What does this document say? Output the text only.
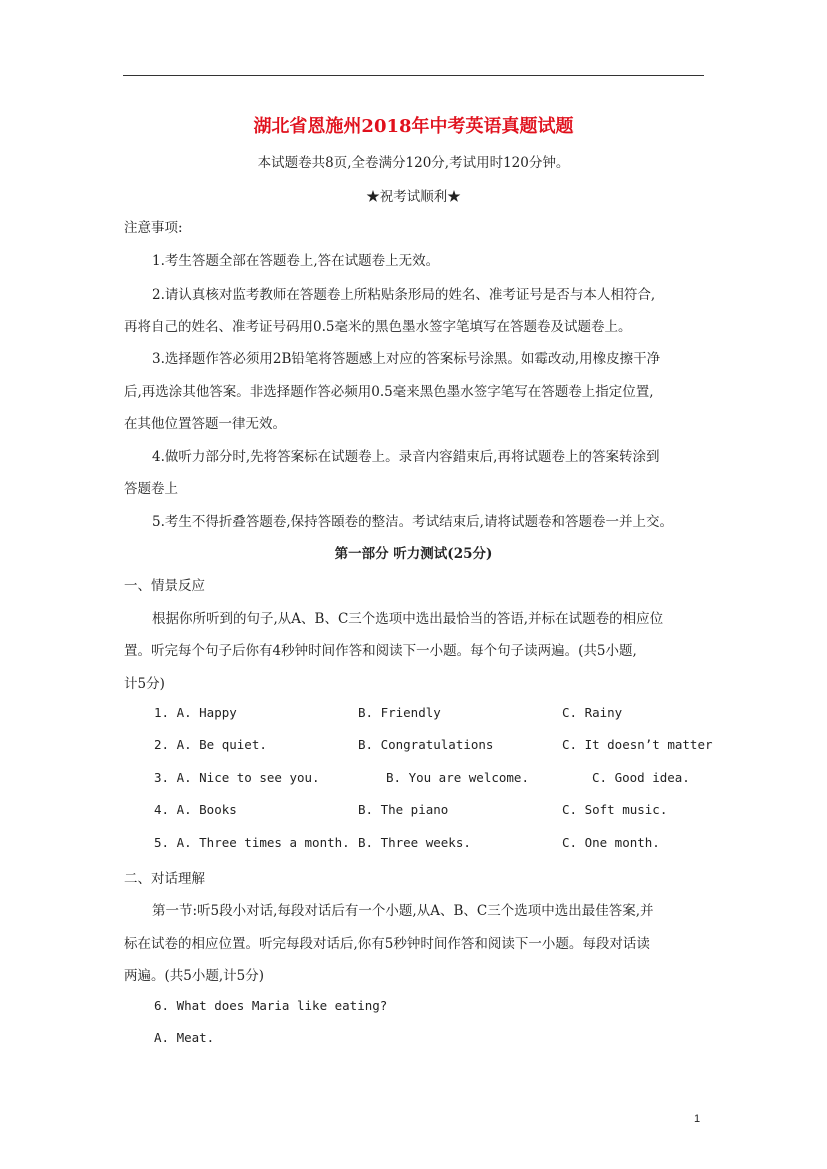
湖北省恩施州2018年中考英语真题试题
本试题卷共8页,全卷满分120分,考试用时120分钟。
★祝考试顺利★
注意事项:
1.考生答题全部在答题卷上,答在试题卷上无效。
2.请认真核对监考教师在答题卷上所粘贴条形局的姓名、准考证号是否与本人相符合,
再将自己的姓名、准考证号码用0.5毫米的黑色墨水签字笔填写在答题卷及试题卷上。
3.选择题作答必须用2B铅笔将答题感上对应的答案标号涂黑。如霉改动,用橡皮擦干净
后,再选涂其他答案。非选择题作答必频用0.5毫来黑色墨水签字笔写在答题卷上指定位置,
在其他位置答题一律无效。
4.做听力部分时,先将答案标在试题卷上。录音内容錯束后,再将试题卷上的答案转涂到
答题卷上
5.考生不得折叠答题卷,保持答頣卷的整洁。考试结束后,请将试题卷和答题卷一并上交。
第一部分 听力测试(25分)
一、情景反应
根据你所听到的句子,从A、B、C三个选项中选出最恰当的答语,并标在试题卷的相应位
置。听完每个句子后你有4秒钟时间作答和阅读下一小题。每个句子读两遍。(共5小题,
计5分)
1. A. Happy	B. Friendly	C. Rainy
2. A. Be quiet.	B. Congratulations	C. It doesn’t matter
3. A. Nice to see you.	B. You are welcome.	C. Good idea.
4. A. Books	B. The piano	C. Soft music.
5. A. Three times a month. B. Three weeks.	C. One month.
二、对话理解
第一节:听5段小对话,每段对话后有一个小题,从A、B、C三个选项中选出最佳答案,并
标在试卷的相应位置。听完每段对话后,你有5秒钟时间作答和阅读下一小题。每段对话读
两遍。(共5小题,计5分)
6. What does Maria like eating?
A. Meat.
1
